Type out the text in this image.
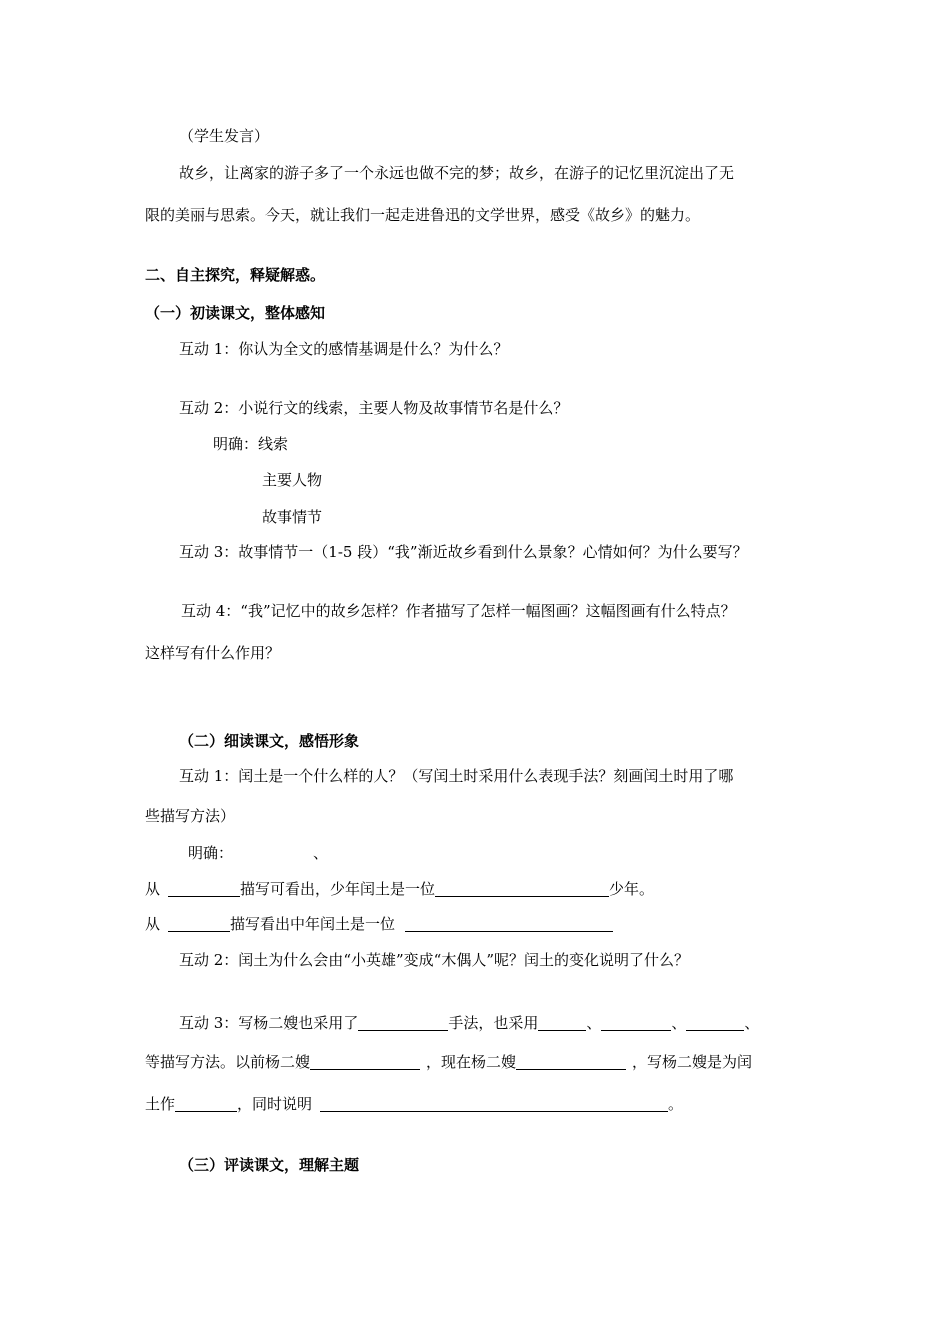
（学生发言）
故乡，让离家的游子多了一个永远也做不完的梦；故乡，在游子的记忆里沉淀出了无
限的美丽与思索。今天，就让我们一起走进鲁迅的文学世界，感受《故乡》的魅力。
二、自主探究，释疑解惑。
（一）初读课文，整体感知
互动 1：你认为全文的感情基调是什么？为什么？
互动 2：小说行文的线索，主要人物及故事情节名是什么？
明确：线索
主要人物
故事情节
互动 3：故事情节一（1-5 段）“我”渐近故乡看到什么景象？心情如何？为什么要写？
互动 4：“我”记忆中的故乡怎样？作者描写了怎样一幅图画？这幅图画有什么特点？
这样写有什么作用？
（二）细读课文，感悟形象
互动 1：闰土是一个什么样的人？（写闰土时采用什么表现手法？刻画闰土时用了哪
些描写方法）
明确：	、
从	描写可看出，少年闰土是一位	少年。
从	描写看出中年闰土是一位
互动 2：闰土为什么会由“小英雄”变成“木偶人”呢？闰土的变化说明了什么？
互动 3：写杨二嫂也采用了	手法，也采用	、	、	、
等描写方法。以前杨二嫂	，现在杨二嫂	，写杨二嫂是为闰
土作	，同时说明	。
（三）评读课文，理解主题
